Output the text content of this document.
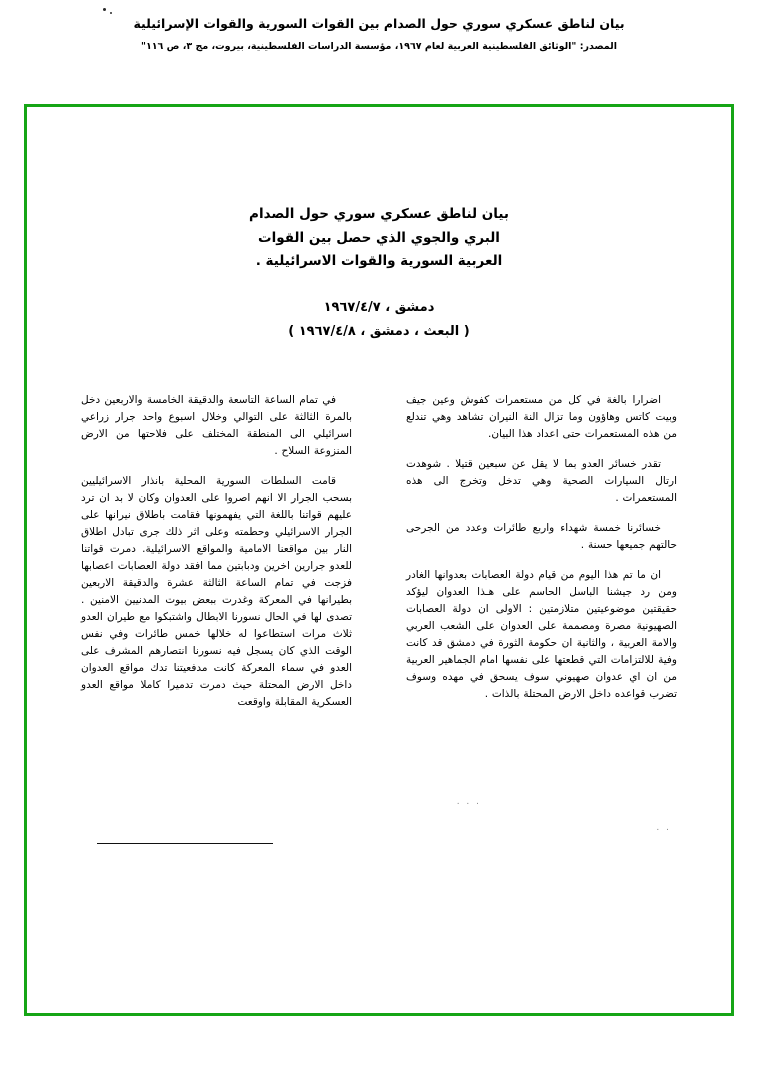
بيان لناطق عسكري سوري حول الصدام بين القوات السورية والقوات الإسرائيلية
المصدر: "الوثائق الفلسطينية العربية لعام ١٩٦٧، مؤسسة الدراسات الفلسطينية، بيروت، مج ٣، ص ١١٦"
بيان لناطق عسكري سوري حول الصدام
البري والجوي الذي حصل بين القوات
العربية السورية والقوات الاسرائيلية .
دمشق ، ١٩٦٧/٤/٧
( البعث ، دمشق ، ١٩٦٧/٤/٨ )

اضرارا بالغة في كل من مستعمرات كفوش وعين جيف وبيت كاتس وهاؤون وما تزال النة النيران تشاهد وهي تندلع من هذه المستعمرات حتى اعداد هذا البيان.

تقدر خسائر العدو بما لا يقل عن سبعين قتيلا . شوهدت ارتال السيارات الصحية وهي تدخل وتخرج الى هذه المستعمرات .

خسائرنا خمسة شهداء واربع طائرات وعدد من الجرحى حالتهم جميعها حسنة .

ان ما تم هذا اليوم من قيام دولة العصابات بعدوانها الغادر ومن رد جيشنا الباسل الحاسم على هـذا العدوان ليؤكد حقيقتين موضوعيتين متلازمتين : الاولى ان دولة العصابات الصهيونية مصرة ومصممة على العدوان على الشعب العربي والامة العربية ، والثانية ان حكومة الثورة في دمشق قد كانت وفية للالتزامات التي قطعتها على نفسها امام الجماهير العربية من ان اي عدوان صهيوني سوف يسحق في مهده وسوف تضرب قواعده داخل الارض المحتلة بالذات .

في تمام الساعة التاسعة والدقيقة الخامسة والاربعين دخل بالمرة الثالثة على التوالي وخلال اسبوع واحد جرار زراعي اسرائيلي الى المنطقة المختلف على فلاحتها من الارض المنزوعة السلاح .

قامت السلطات السورية المحلية بانذار الاسرائيليين بسحب الجرار الا انهم اصروا على العدوان وكان لا بد ان ترد عليهم قواتنا باللغة التي يفهمونها فقامت باطلاق نيرانها على الجرار الاسرائيلي وحطمته وعلى اثر ذلك جرى تبادل اطلاق النار بين مواقعنا الامامية والمواقع الاسرائيلية. دمرت قواتنا للعدو جرارين اخرين ودبابتين مما افقد دولة العصابات اعصابها فزجت في تمام الساعة الثالثة عشرة والدقيقة الاربعين بطيرانها في المعركة وغدرت ببعض بيوت المدنيين الامنين . تصدى لها في الحال نسورنا الابطال واشتبكوا مع طيران العدو ثلاث مرات استطاعوا له خلالها خمس طائرات وفي نفس الوقت الذي كان يسجل فيه نسورنا انتصارهم المشرف على العدو في سماء المعركة كانت مدفعيتنا تدك مواقع العدوان داخل الارض المحتلة حيث دمرت تدميرا كاملا مواقع العدو العسكرية المقابلة واوقعت

. . .
. .
